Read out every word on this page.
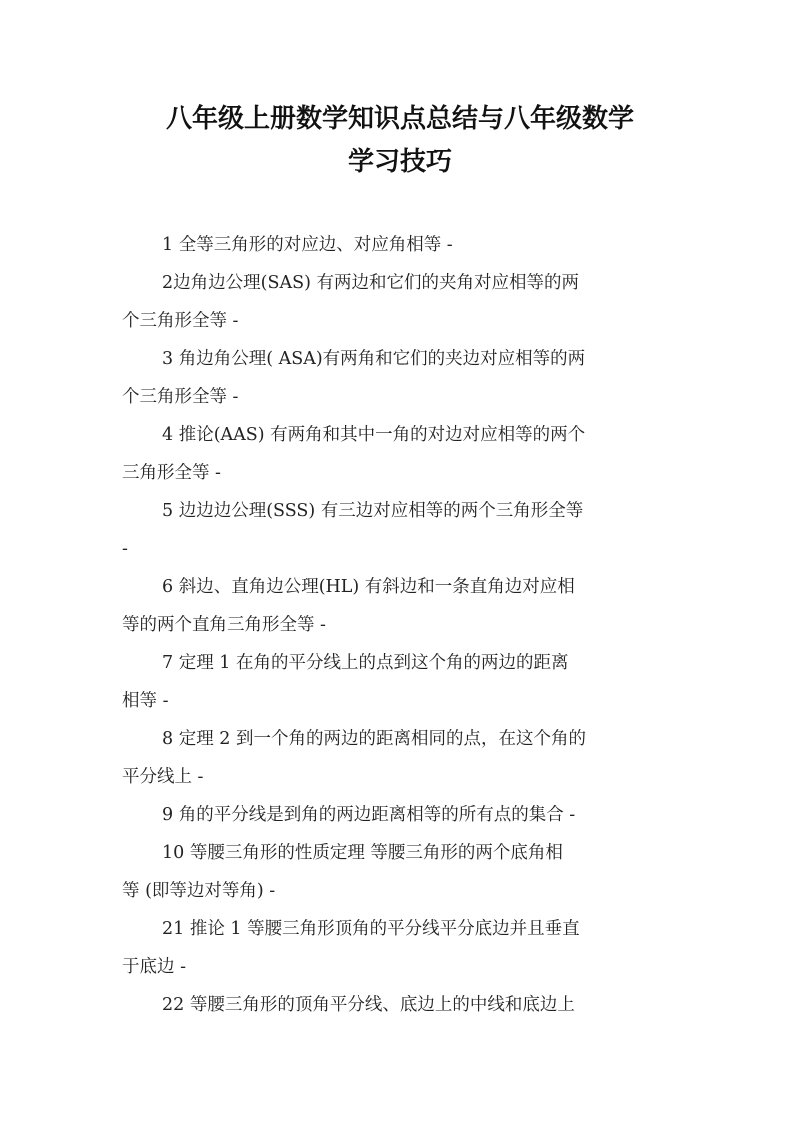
八年级上册数学知识点总结与八年级数学
学习技巧

1 全等三角形的对应边、对应角相等 -

2边角边公理(SAS) 有两边和它们的夹角对应相等的两

个三角形全等 -

3 角边角公理( ASA)有两角和它们的夹边对应相等的两

个三角形全等 -

4 推论(AAS) 有两角和其中一角的对边对应相等的两个

三角形全等 -

5 边边边公理(SSS) 有三边对应相等的两个三角形全等

-

6 斜边、直角边公理(HL) 有斜边和一条直角边对应相

等的两个直角三角形全等 -

7 定理 1 在角的平分线上的点到这个角的两边的距离

相等 -

8 定理 2 到一个角的两边的距离相同的点，在这个角的

平分线上 -

9 角的平分线是到角的两边距离相等的所有点的集合 -

10 等腰三角形的性质定理 等腰三角形的两个底角相

等 (即等边对等角) -

21 推论 1 等腰三角形顶角的平分线平分底边并且垂直

于底边 -

22 等腰三角形的顶角平分线、底边上的中线和底边上
